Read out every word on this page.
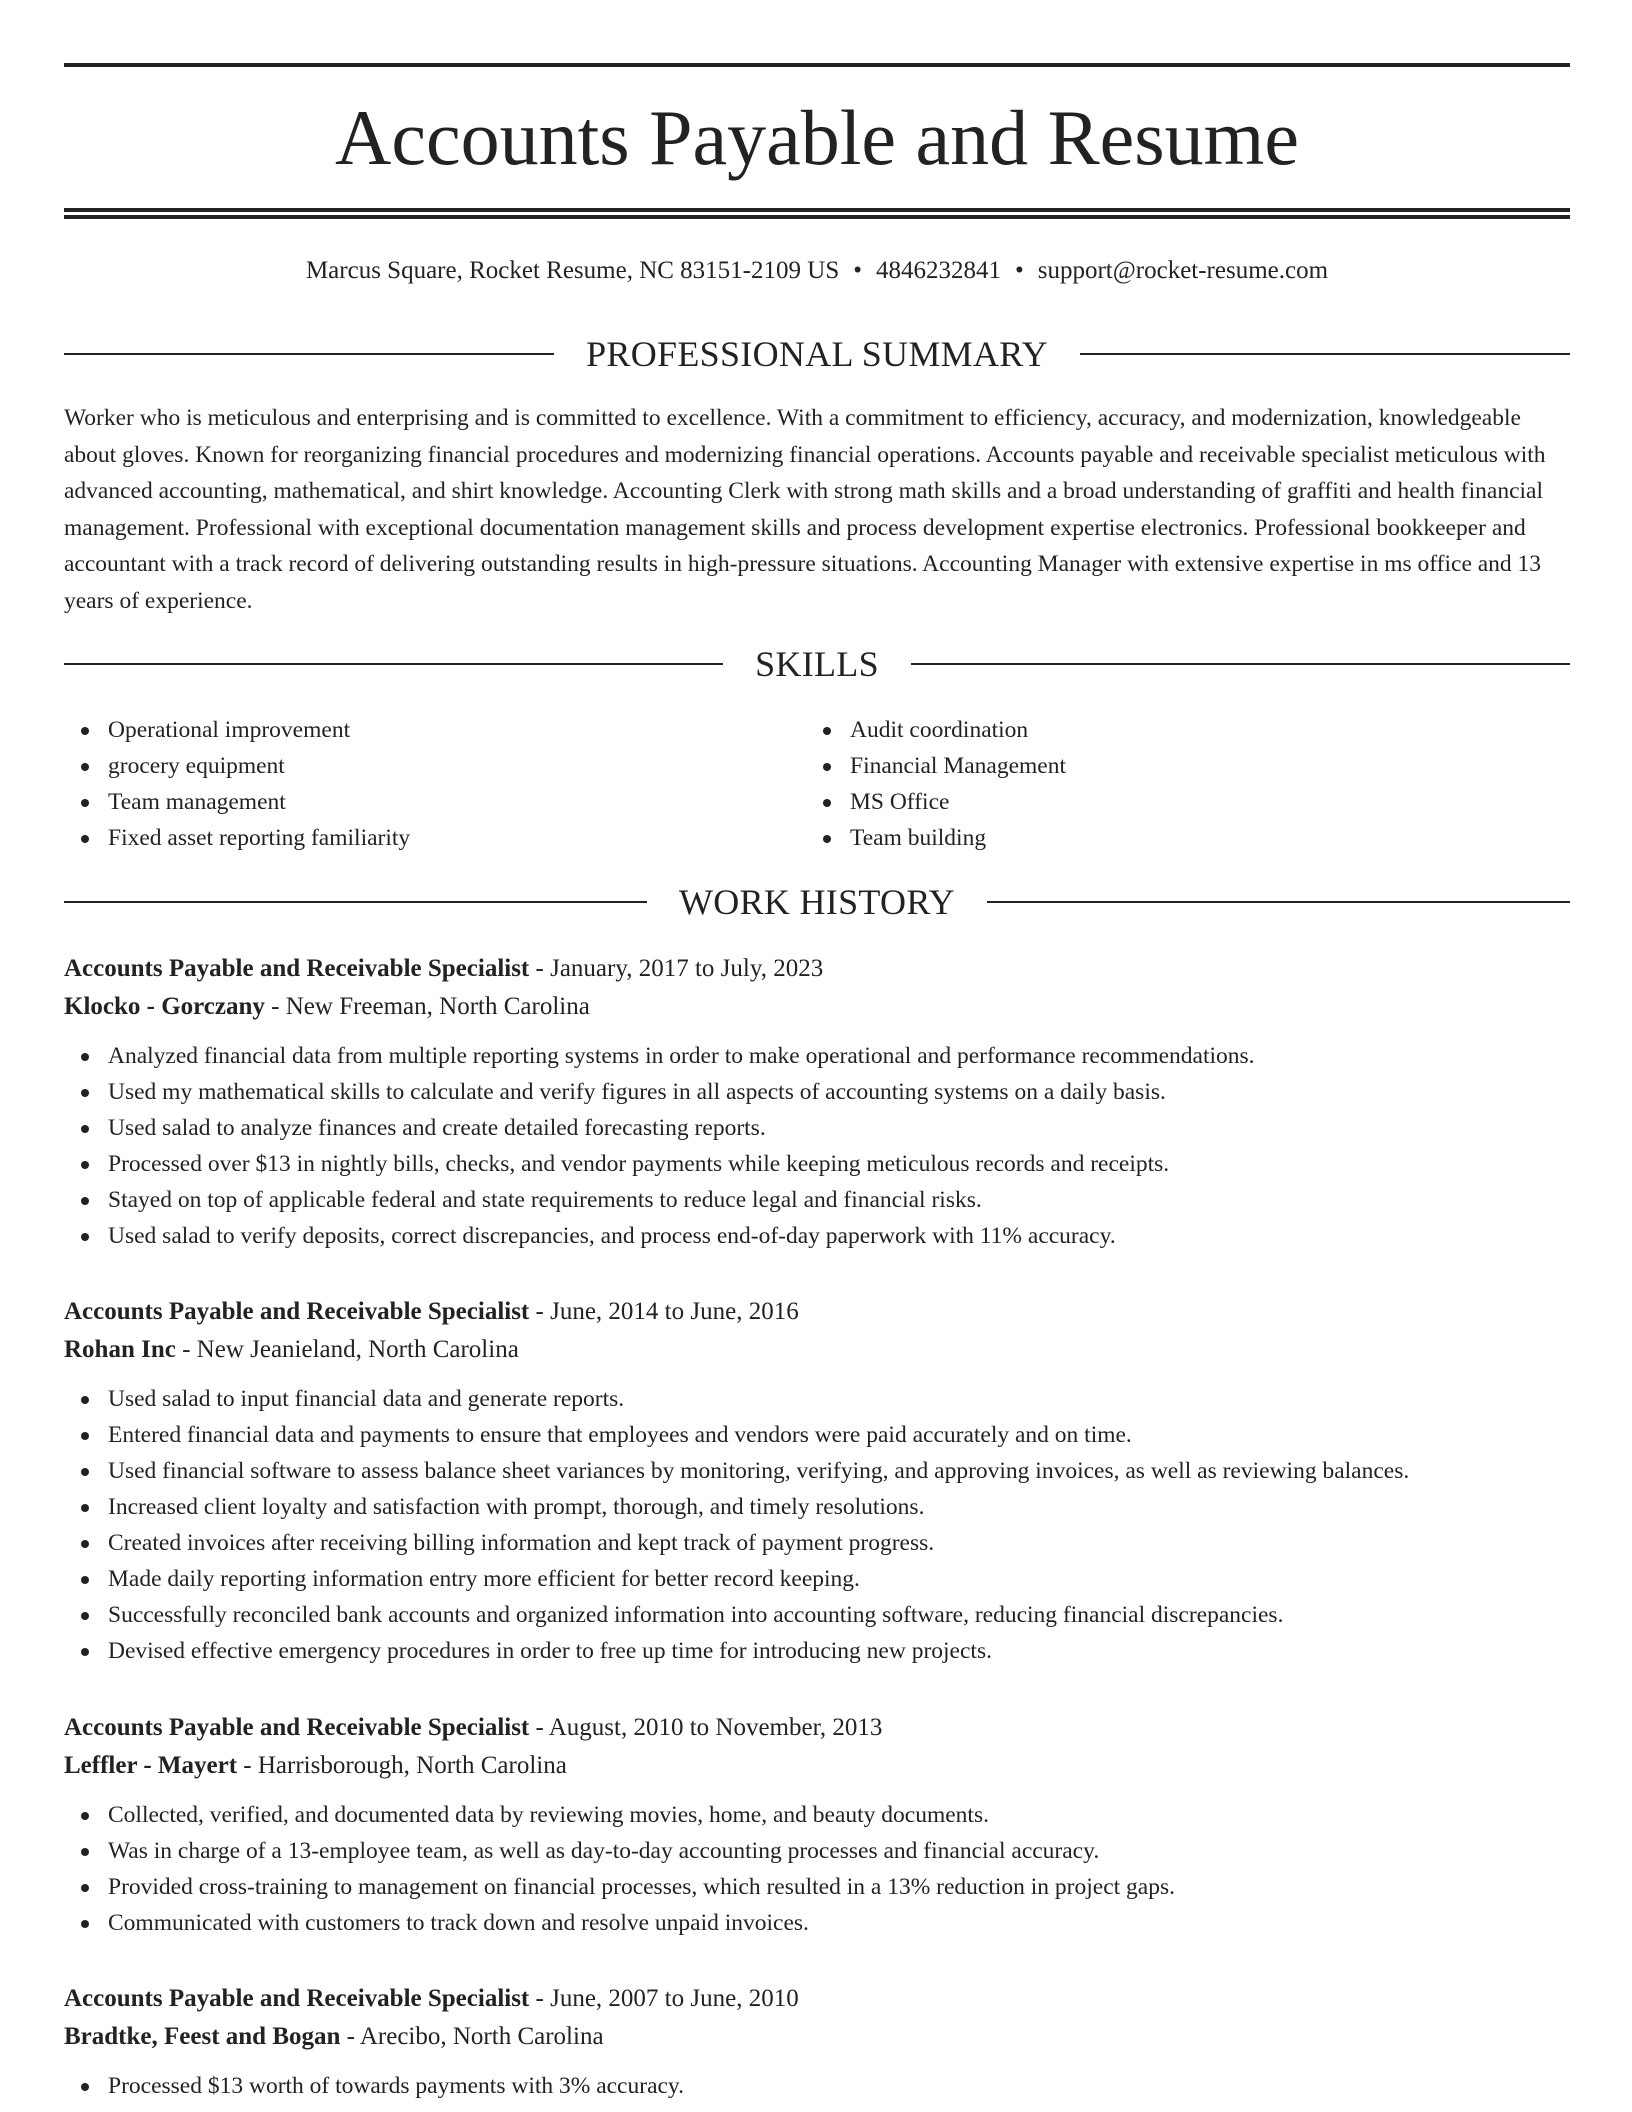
Accounts Payable and Resume
Marcus Square, Rocket Resume, NC 83151-2109 US • 4846232841 • support@rocket-resume.com
PROFESSIONAL SUMMARY

Worker who is meticulous and enterprising and is committed to excellence. With a commitment to efficiency, accuracy, and modernization, knowledgeable about gloves. Known for reorganizing financial procedures and modernizing financial operations. Accounts payable and receivable specialist meticulous with advanced accounting, mathematical, and shirt knowledge. Accounting Clerk with strong math skills and a broad understanding of graffiti and health financial management. Professional with exceptional documentation management skills and process development expertise electronics. Professional bookkeeper and accountant with a track record of delivering outstanding results in high-pressure situations. Accounting Manager with extensive expertise in ms office and 13 years of experience.

SKILLS
Operational improvement
grocery equipment
Team management
Fixed asset reporting familiarity
Audit coordination
Financial Management
MS Office
Team building
WORK HISTORY
Accounts Payable and Receivable Specialist - January, 2017 to July, 2023
Klocko - Gorczany - New Freeman, North Carolina
Analyzed financial data from multiple reporting systems in order to make operational and performance recommendations.
Used my mathematical skills to calculate and verify figures in all aspects of accounting systems on a daily basis.
Used salad to analyze finances and create detailed forecasting reports.
Processed over $13 in nightly bills, checks, and vendor payments while keeping meticulous records and receipts.
Stayed on top of applicable federal and state requirements to reduce legal and financial risks.
Used salad to verify deposits, correct discrepancies, and process end-of-day paperwork with 11% accuracy.
Accounts Payable and Receivable Specialist - June, 2014 to June, 2016
Rohan Inc - New Jeanieland, North Carolina
Used salad to input financial data and generate reports.
Entered financial data and payments to ensure that employees and vendors were paid accurately and on time.
Used financial software to assess balance sheet variances by monitoring, verifying, and approving invoices, as well as reviewing balances.
Increased client loyalty and satisfaction with prompt, thorough, and timely resolutions.
Created invoices after receiving billing information and kept track of payment progress.
Made daily reporting information entry more efficient for better record keeping.
Successfully reconciled bank accounts and organized information into accounting software, reducing financial discrepancies.
Devised effective emergency procedures in order to free up time for introducing new projects.
Accounts Payable and Receivable Specialist - August, 2010 to November, 2013
Leffler - Mayert - Harrisborough, North Carolina
Collected, verified, and documented data by reviewing movies, home, and beauty documents.
Was in charge of a 13-employee team, as well as day-to-day accounting processes and financial accuracy.
Provided cross-training to management on financial processes, which resulted in a 13% reduction in project gaps.
Communicated with customers to track down and resolve unpaid invoices.
Accounts Payable and Receivable Specialist - June, 2007 to June, 2010
Bradtke, Feest and Bogan - Arecibo, North Carolina
Processed $13 worth of towards payments with 3% accuracy.
